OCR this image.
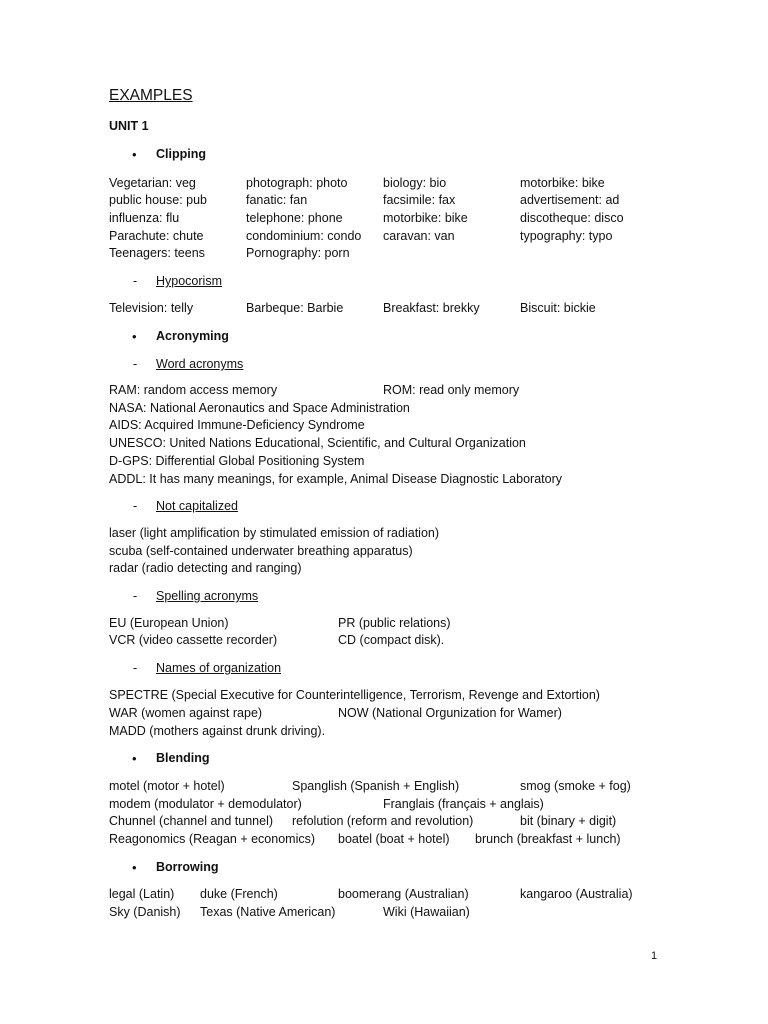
EXAMPLES
UNIT 1
• Clipping
Vegetarian: veg	photograph: photo	biology: bio	motorbike: bike
public house: pub	fanatic: fan	facsimile: fax	advertisement: ad
influenza: flu	telephone: phone	motorbike: bike	discotheque: disco
Parachute: chute	condominium: condo caravan: van	typography: typo
Teenagers: teens	Pornography: porn
- Hypocorism
Television: telly	Barbeque: Barbie	Breakfast: brekky	Biscuit: bickie
• Acronyming
- Word acronyms
RAM: random access memory	ROM: read only memory
NASA: National Aeronautics and Space Administration
AIDS: Acquired Immune-Deficiency Syndrome
UNESCO: United Nations Educational, Scientific, and Cultural Organization
D-GPS: Differential Global Positioning System
ADDL: It has many meanings, for example, Animal Disease Diagnostic Laboratory
- Not capitalized
laser (light amplification by stimulated emission of radiation)
scuba (self-contained underwater breathing apparatus)
radar (radio detecting and ranging)
- Spelling acronyms
EU (European Union)	PR (public relations)
VCR (video cassette recorder)	CD (compact disk).
- Names of organization
SPECTRE (Special Executive for Counterintelligence, Terrorism, Revenge and Extortion)
WAR (women against rape)	NOW (National Orgunization for Wamer)
MADD (mothers against drunk driving).
• Blending
motel (motor + hotel)	Spanglish (Spanish + English)	smog (smoke + fog)
modem (modulator + demodulator)	Franglais (français + anglais)
Chunnel (channel and tunnel) refolution (reform and revolution)	bit (binary + digit)
Reagonomics (Reagan + economics) boatel (boat + hotel) brunch (breakfast + lunch)
• Borrowing
legal (Latin) duke (French)	boomerang (Australian)	kangaroo (Australia)
Sky (Danish) Texas (Native American)	Wiki (Hawaiian)
1
